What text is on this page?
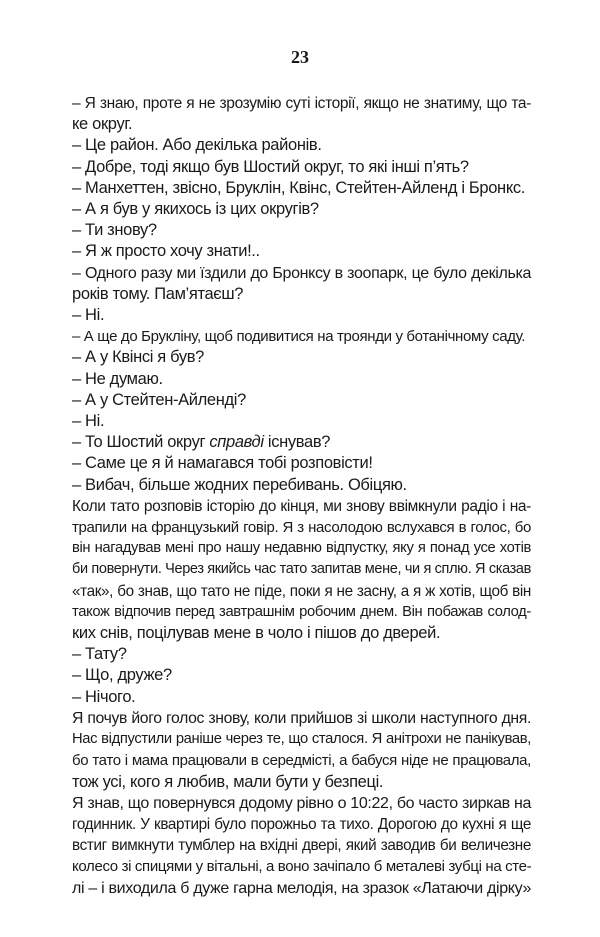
23
– Я знаю, проте я не зрозумію суті історії, якщо не знатиму, що та-
ке округ.
– Це район. Або декілька районів.
– Добре, тоді якщо був Шостий округ, то які інші п’ять?
– Манхеттен, звісно, Бруклін, Квінс, Стейтен-Айленд і Бронкс.
– А я був у якихось із цих округів?
– Ти знову?
– Я ж просто хочу знати!..
– Одного разу ми їздили до Бронксу в зоопарк, це було декілька
років тому. Пам’ятаєш?
– Ні.
– А ще до Брукліну, щоб подивитися на троянди у ботанічному саду.
– А у Квінсі я був?
– Не думаю.
– А у Стейтен-Айленді?
– Ні.
– То Шостий округ справді існував?
– Саме це я й намагався тобі розповісти!
– Вибач, більше жодних перебивань. Обіцяю.
Коли тато розповів історію до кінця, ми знову ввімкнули радіо і на-
трапили на французький говір. Я з насолодою вслухався в голос, бо
він нагадував мені про нашу недавню відпустку, яку я понад усе хотів
би повернути. Через якийсь час тато запитав мене, чи я сплю. Я сказав
«так», бо знав, що тато не піде, поки я не засну, а я ж хотів, щоб він
також відпочив перед завтрашнім робочим днем. Він побажав солод-
ких снів, поцілував мене в чоло і пішов до дверей.
– Тату?
– Що, друже?
– Нічого.
Я почув його голос знову, коли прийшов зі школи наступного дня.
Нас відпустили раніше через те, що сталося. Я анітрохи не панікував,
бо тато і мама працювали в середмісті, а бабуся ніде не працювала,
тож усі, кого я любив, мали бути у безпеці.
Я знав, що повернувся додому рівно о 10:22, бо часто зиркав на
годинник. У квартирі було порожньо та тихо. Дорогою до кухні я ще
встиг вимкнути тумблер на вхідні двері, який заводив би величезне
колесо зі спицями у вітальні, а воно зачіпало б металеві зубці на сте-
лі – і виходила б дуже гарна мелодія, на зразок «Латаючи дірку»
